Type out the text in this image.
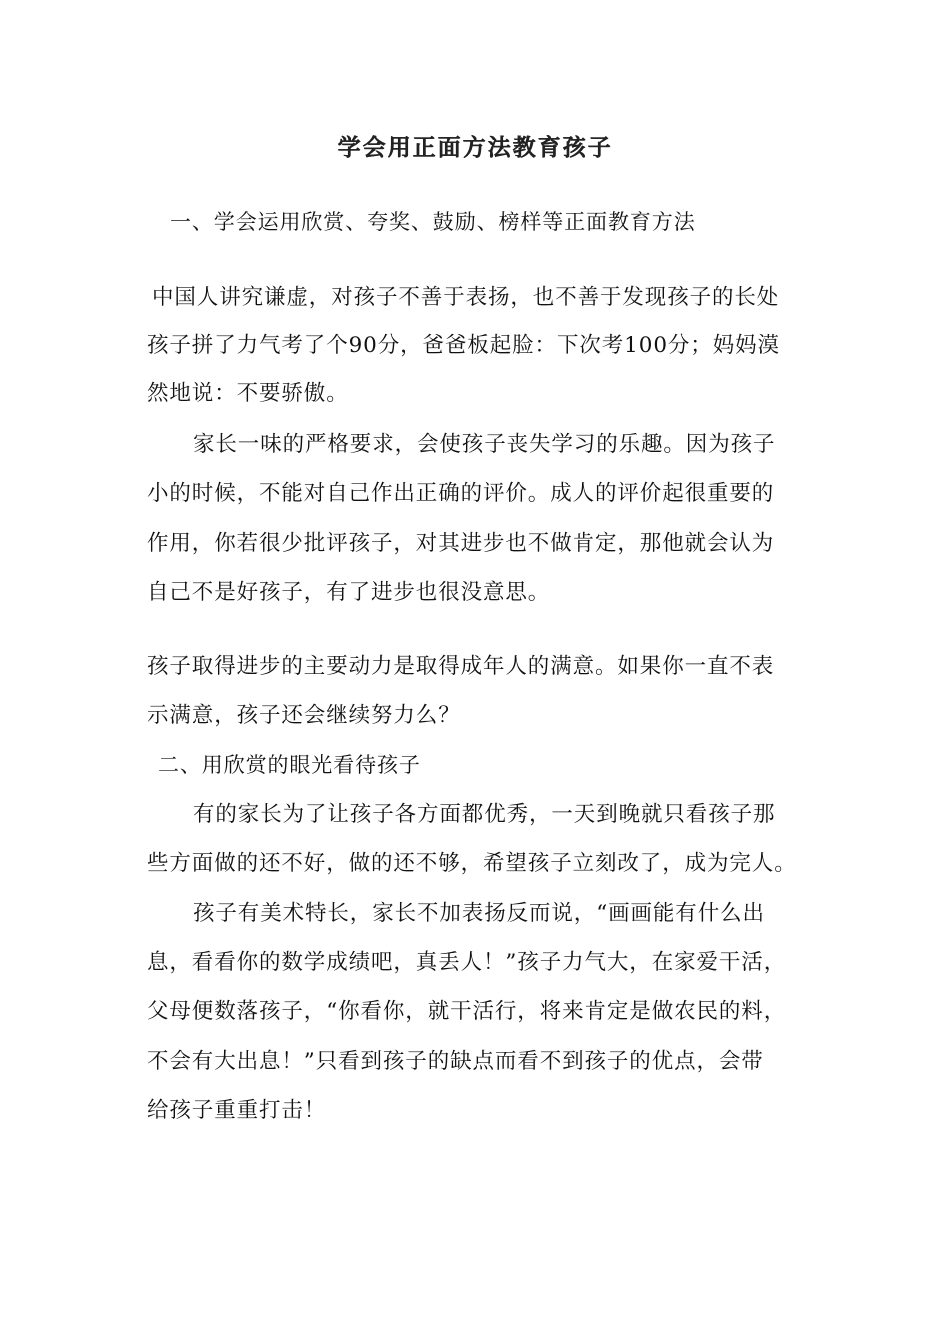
学会用正面方法教育孩子
一、学会运用欣赏、夸奖、鼓励、榜样等正面教育方法
中国人讲究谦虚，对孩子不善于表扬，也不善于发现孩子的长处
孩子拼了力气考了个90分，爸爸板起脸：下次考100分；妈妈漠
然地说：不要骄傲。
家长一味的严格要求，会使孩子丧失学习的乐趣。因为孩子
小的时候，不能对自己作出正确的评价。成人的评价起很重要的
作用，你若很少批评孩子，对其进步也不做肯定，那他就会认为
自己不是好孩子，有了进步也很没意思。
孩子取得进步的主要动力是取得成年人的满意。如果你一直不表
示满意，孩子还会继续努力么？
二、用欣赏的眼光看待孩子
有的家长为了让孩子各方面都优秀，一天到晚就只看孩子那
些方面做的还不好，做的还不够，希望孩子立刻改了，成为完人。
孩子有美术特长，家长不加表扬反而说，“画画能有什么出
息，看看你的数学成绩吧，真丢人！”孩子力气大，在家爱干活，
父母便数落孩子，“你看你，就干活行，将来肯定是做农民的料，
不会有大出息！”只看到孩子的缺点而看不到孩子的优点，会带
给孩子重重打击！
